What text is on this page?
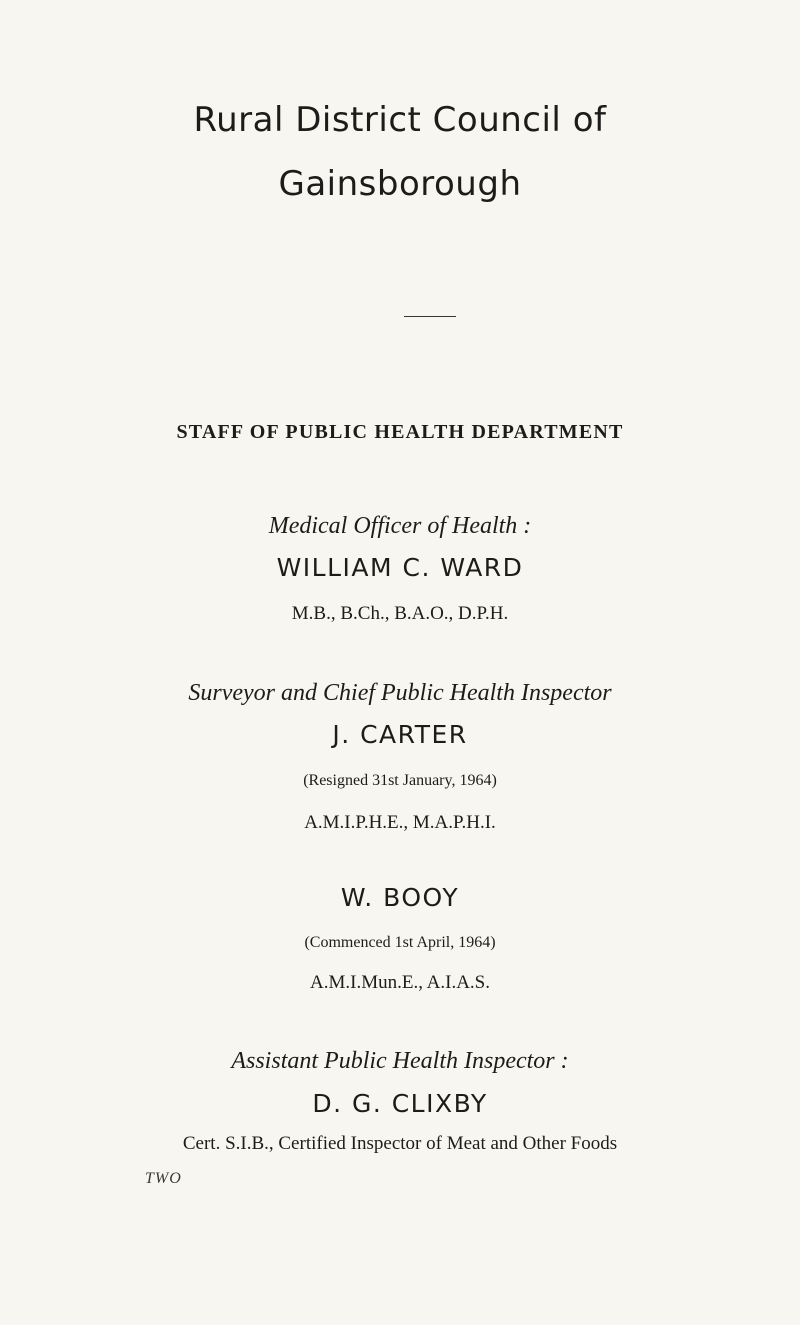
Rural District Council of
Gainsborough
STAFF OF PUBLIC HEALTH DEPARTMENT
Medical Officer of Health :
WILLIAM C. WARD
M.B., B.Ch., B.A.O., D.P.H.
Surveyor and Chief Public Health Inspector
J. CARTER
(Resigned 31st January, 1964)
A.M.I.P.H.E., M.A.P.H.I.
W. BOOY
(Commenced 1st April, 1964)
A.M.I.Mun.E., A.I.A.S.
Assistant Public Health Inspector :
D. G. CLIXBY
Cert. S.I.B., Certified Inspector of Meat and Other Foods
TWO
